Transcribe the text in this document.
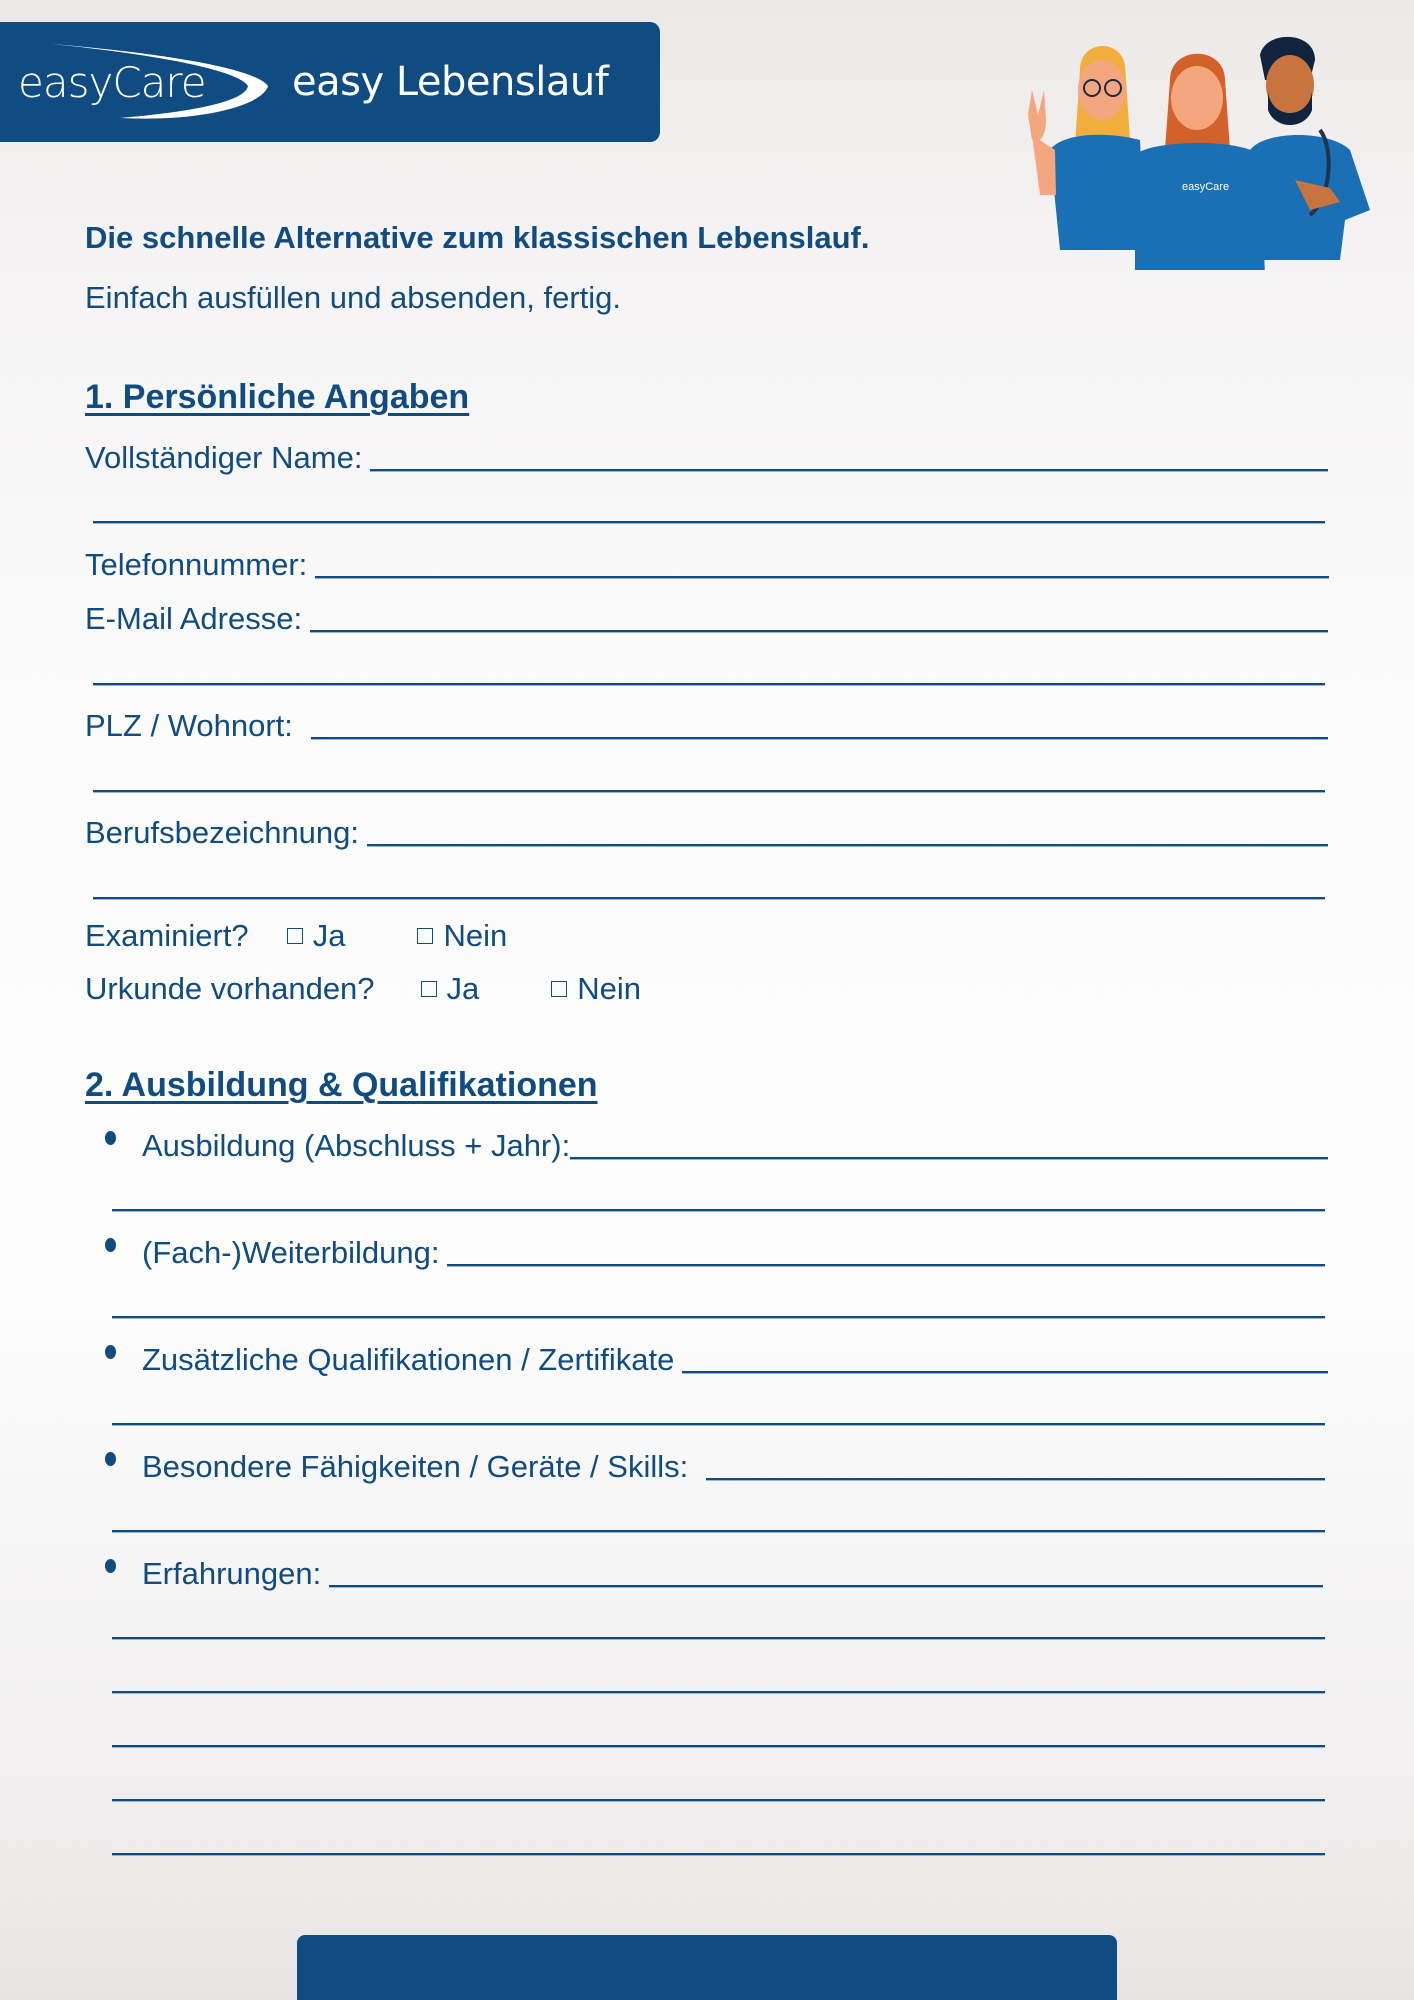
easyCare easy Lebenslauf
easyCare
Die schnelle Alternative zum klassischen Lebenslauf.
Einfach ausfüllen und absenden, fertig.
1. Persönliche Angaben
Vollständiger Name:
Telefonnummer:
E-Mail Adresse:
PLZ / Wohnort:
Berufsbezeichnung:
Examiniert? Ja	Nein
Urkunde vorhanden? Ja	Nein
2. Ausbildung & Qualifikationen
Ausbildung (Abschluss + Jahr):
(Fach-)Weiterbildung:
Zusätzliche Qualifikationen / Zertifikate
Besondere Fähigkeiten / Geräte / Skills:
Erfahrungen:
